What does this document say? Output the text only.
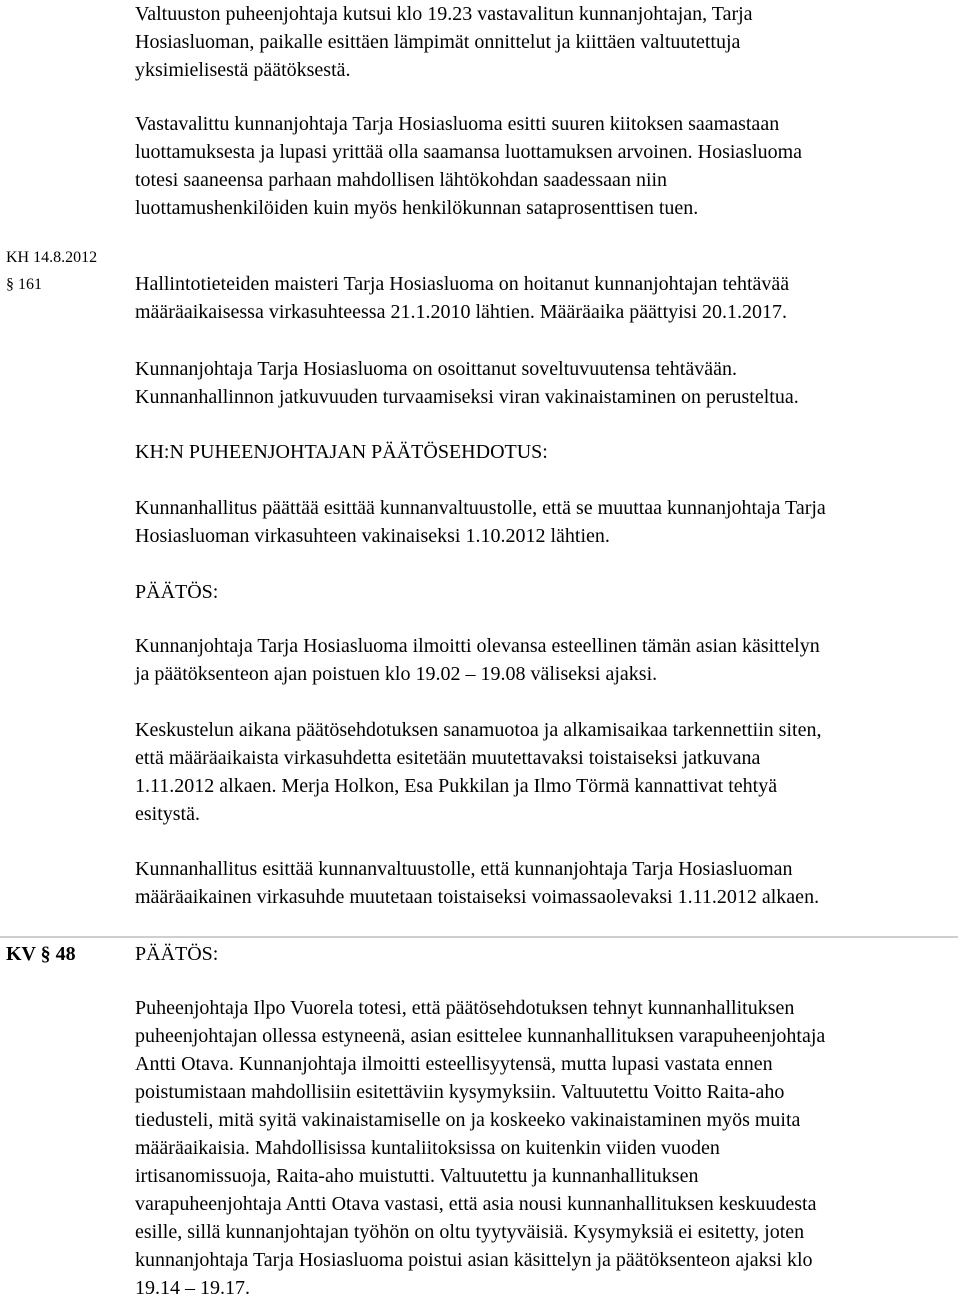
Valtuuston puheenjohtaja kutsui klo 19.23 vastavalitun kunnanjohtajan, Tarja
Hosiasluoman, paikalle esittäen lämpimät onnittelut ja kiittäen valtuutettuja
yksimielisestä päätöksestä.
Vastavalittu kunnanjohtaja Tarja Hosiasluoma esitti suuren kiitoksen saamastaan
luottamuksesta ja lupasi yrittää olla saamansa luottamuksen arvoinen. Hosiasluoma
totesi saaneensa parhaan mahdollisen lähtökohdan saadessaan niin
luottamushenkilöiden kuin myös henkilökunnan sataprosenttisen tuen.
KH 14.8.2012
§ 161	Hallintotieteiden maisteri Tarja Hosiasluoma on hoitanut kunnanjohtajan tehtävää
määräaikaisessa virkasuhteessa 21.1.2010 lähtien. Määräaika päättyisi 20.1.2017.
Kunnanjohtaja Tarja Hosiasluoma on osoittanut soveltuvuutensa tehtävään.
Kunnanhallinnon jatkuvuuden turvaamiseksi viran vakinaistaminen on perusteltua.
KH:N PUHEENJOHTAJAN PÄÄTÖSEHDOTUS:
Kunnanhallitus päättää esittää kunnanvaltuustolle, että se muuttaa kunnanjohtaja Tarja
Hosiasluoman virkasuhteen vakinaiseksi 1.10.2012 lähtien.
PÄÄTÖS:
Kunnanjohtaja Tarja Hosiasluoma ilmoitti olevansa esteellinen tämän asian käsittelyn
ja päätöksenteon ajan poistuen klo 19.02 – 19.08 väliseksi ajaksi.
Keskustelun aikana päätösehdotuksen sanamuotoa ja alkamisaikaa tarkennettiin siten,
että määräaikaista virkasuhdetta esitetään muutettavaksi toistaiseksi jatkuvana
1.11.2012 alkaen. Merja Holkon, Esa Pukkilan ja Ilmo Törmä kannattivat tehtyä
esitystä.
Kunnanhallitus esittää kunnanvaltuustolle, että kunnanjohtaja Tarja Hosiasluoman
määräaikainen virkasuhde muutetaan toistaiseksi voimassaolevaksi 1.11.2012 alkaen.
KV § 48	PÄÄTÖS:
Puheenjohtaja Ilpo Vuorela totesi, että päätösehdotuksen tehnyt kunnanhallituksen
puheenjohtajan ollessa estyneenä, asian esittelee kunnanhallituksen varapuheenjohtaja
Antti Otava. Kunnanjohtaja ilmoitti esteellisyytensä, mutta lupasi vastata ennen
poistumistaan mahdollisiin esitettäviin kysymyksiin. Valtuutettu Voitto Raita-aho
tiedusteli, mitä syitä vakinaistamiselle on ja koskeeko vakinaistaminen myös muita
määräaikaisia. Mahdollisissa kuntaliitoksissa on kuitenkin viiden vuoden
irtisanomissuoja, Raita-aho muistutti. Valtuutettu ja kunnanhallituksen
varapuheenjohtaja Antti Otava vastasi, että asia nousi kunnanhallituksen keskuudesta
esille, sillä kunnanjohtajan työhön on oltu tyytyväisiä. Kysymyksiä ei esitetty, joten
kunnanjohtaja Tarja Hosiasluoma poistui asian käsittelyn ja päätöksenteon ajaksi klo
19.14 – 19.17.
